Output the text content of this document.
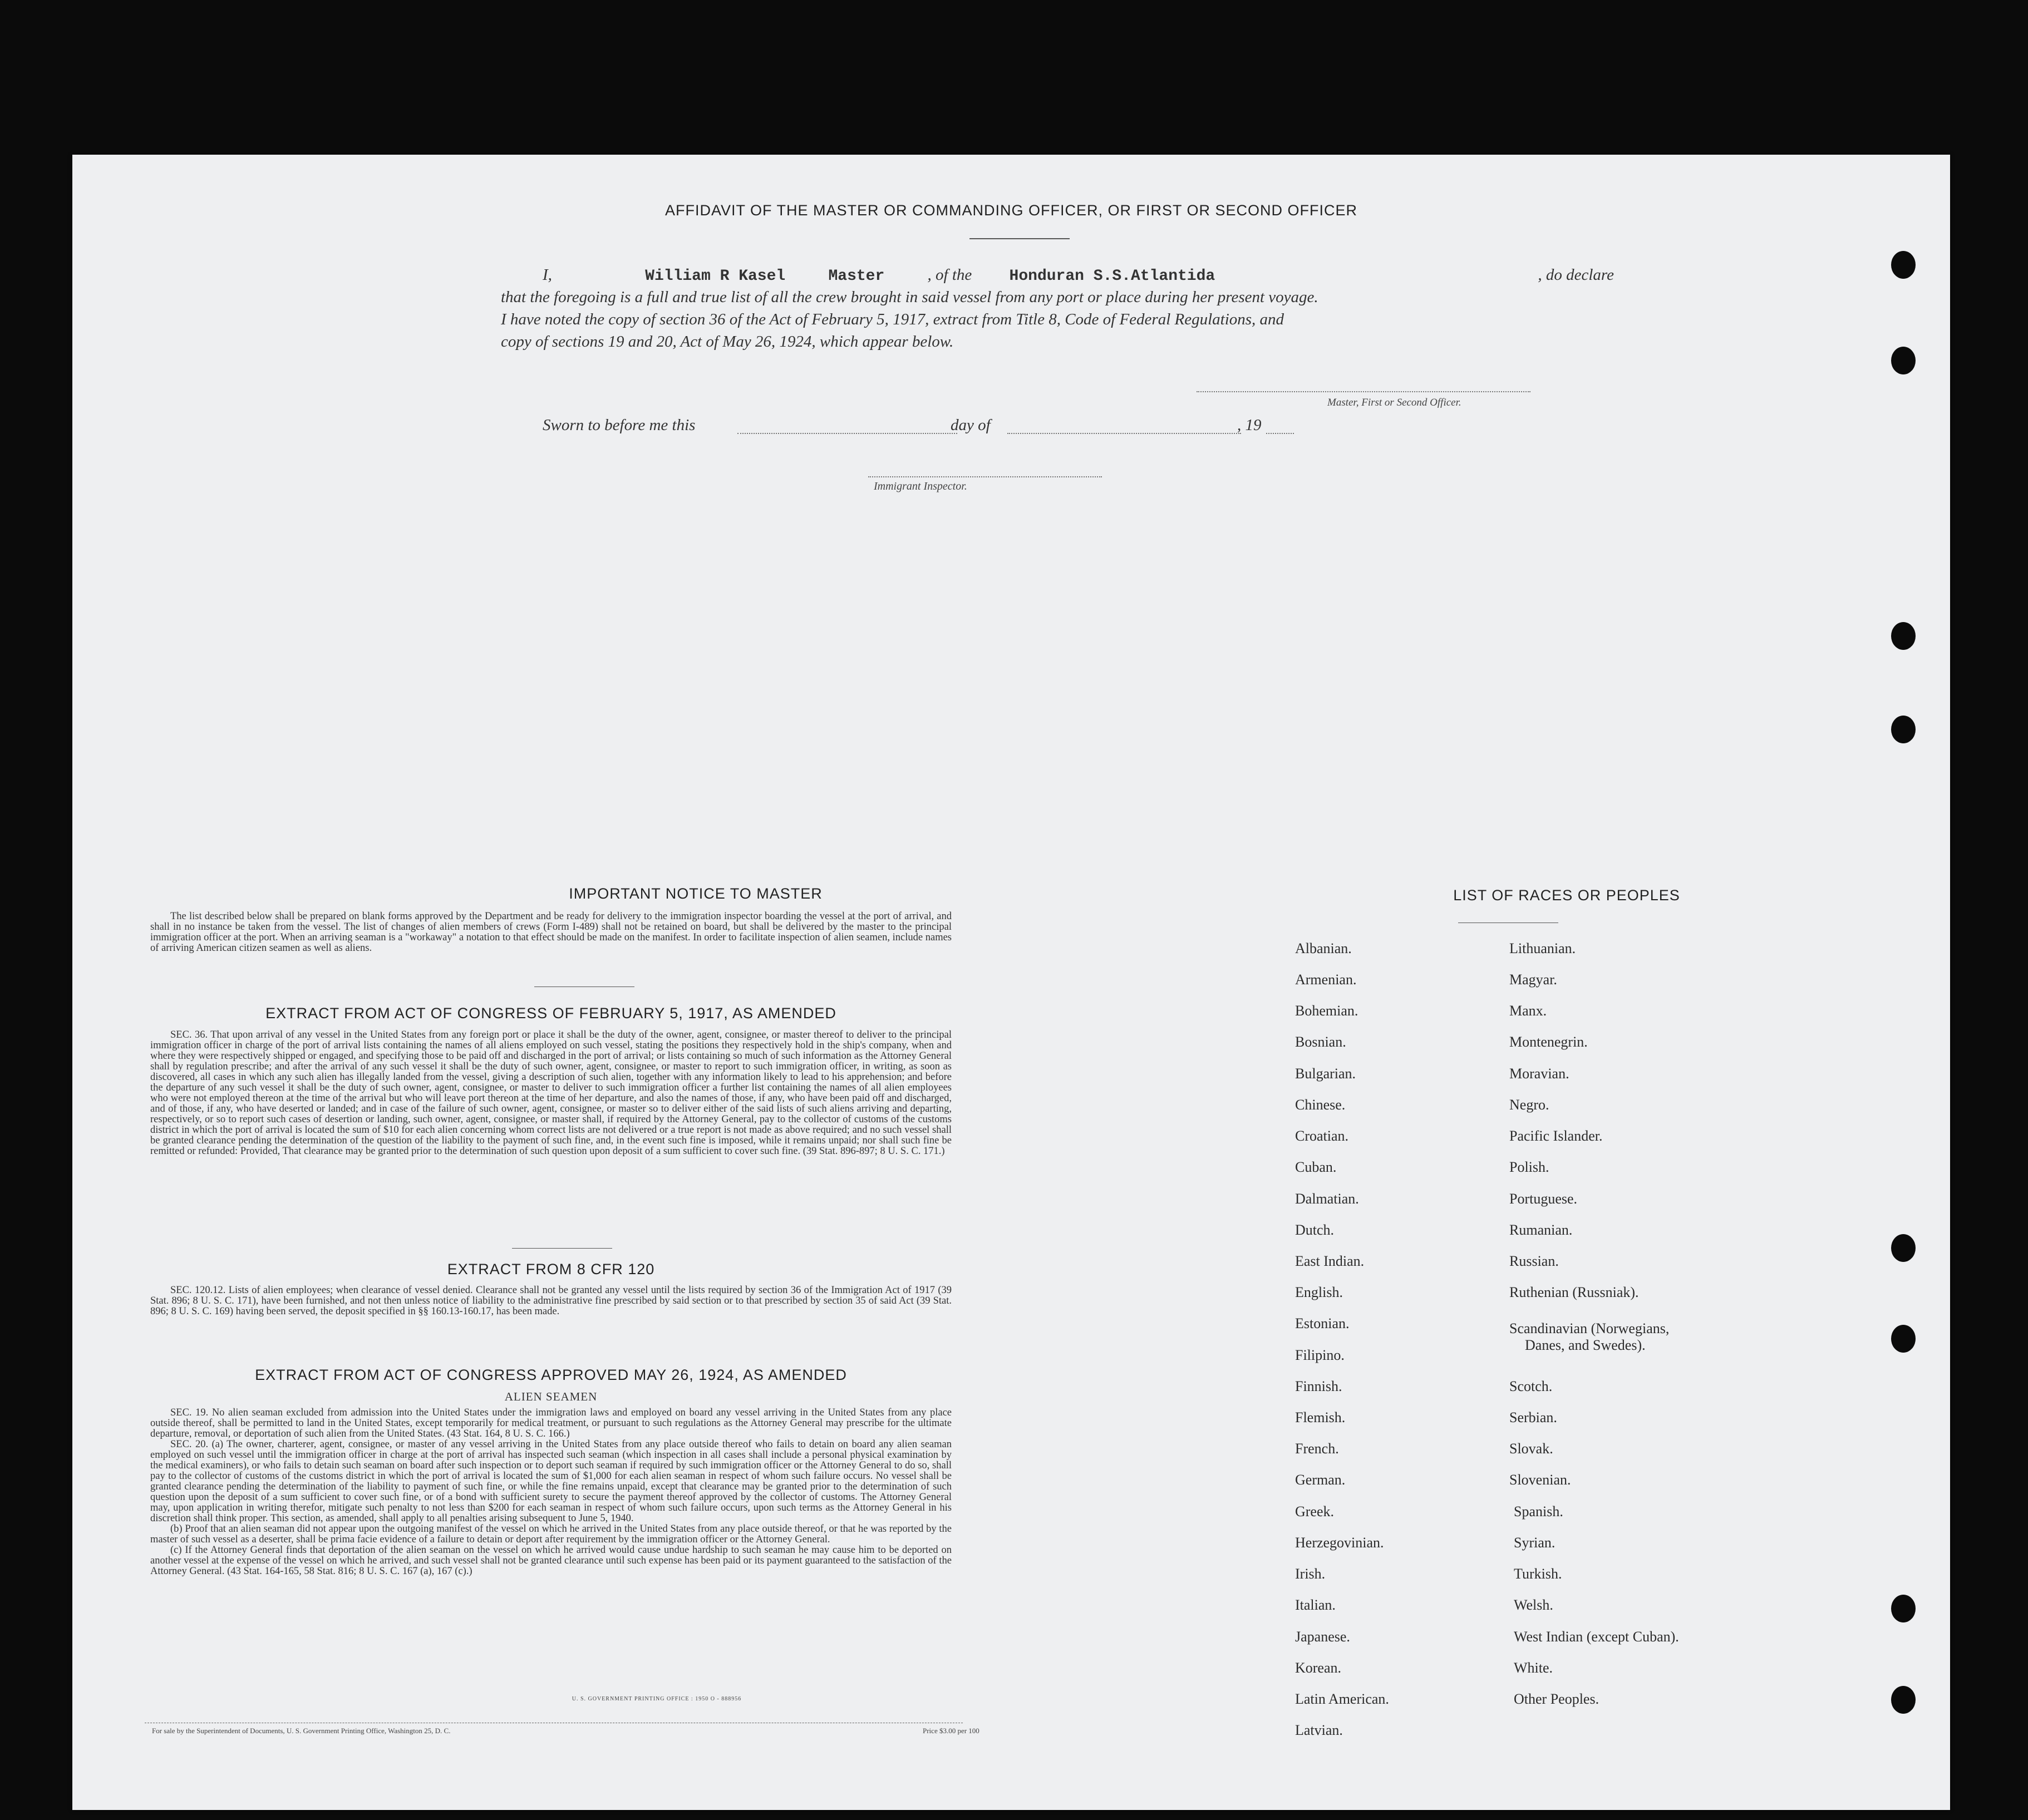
AFFIDAVIT OF THE MASTER OR COMMANDING OFFICER, OR FIRST OR SECOND OFFICER
I,	William R Kasel	Master	, of the Honduran S.S.Atlantida	, do declare
that the foregoing is a full and true list of all the crew brought in said vessel from any port or place during her present voyage.
I have noted the copy of section 36 of the Act of February 5, 1917, extract from Title 8, Code of Federal Regulations, and
copy of sections 19 and 20, Act of May 26, 1924, which appear below.
Master, First or Second Officer.
Sworn to before me this	day of	, 19
Immigrant Inspector.
IMPORTANT NOTICE TO MASTER

The list described below shall be prepared on blank forms approved by the Department and be ready for delivery to the immigration inspector boarding the vessel at the port of arrival, and shall in no instance be taken from the vessel. The list of changes of alien members of crews (Form I-489) shall not be retained on board, but shall be delivered by the master to the principal immigration officer at the port. When an arriving seaman is a "workaway" a notation to that effect should be made on the manifest. In order to facilitate inspection of alien seamen, include names of arriving American citizen seamen as well as aliens.

EXTRACT FROM ACT OF CONGRESS OF FEBRUARY 5, 1917, AS AMENDED

SEC. 36. That upon arrival of any vessel in the United States from any foreign port or place it shall be the duty of the owner, agent, consignee, or master thereof to deliver to the principal immigration officer in charge of the port of arrival lists containing the names of all aliens employed on such vessel, stating the positions they respectively hold in the ship's company, when and where they were respectively shipped or engaged, and specifying those to be paid off and discharged in the port of arrival; or lists containing so much of such information as the Attorney General shall by regulation prescribe; and after the arrival of any such vessel it shall be the duty of such owner, agent, consignee, or master to report to such immigration officer, in writing, as soon as discovered, all cases in which any such alien has illegally landed from the vessel, giving a description of such alien, together with any information likely to lead to his apprehension; and before the departure of any such vessel it shall be the duty of such owner, agent, consignee, or master to deliver to such immigration officer a further list containing the names of all alien employees who were not employed thereon at the time of the arrival but who will leave port thereon at the time of her departure, and also the names of those, if any, who have been paid off and discharged, and of those, if any, who have deserted or landed; and in case of the failure of such owner, agent, consignee, or master so to deliver either of the said lists of such aliens arriving and departing, respectively, or so to report such cases of desertion or landing, such owner, agent, consignee, or master shall, if required by the Attorney General, pay to the collector of customs of the customs district in which the port of arrival is located the sum of $10 for each alien concerning whom correct lists are not delivered or a true report is not made as above required; and no such vessel shall be granted clearance pending the determination of the question of the liability to the payment of such fine, and, in the event such fine is imposed, while it remains unpaid; nor shall such fine be remitted or refunded: Provided, That clearance may be granted prior to the determination of such question upon deposit of a sum sufficient to cover such fine. (39 Stat. 896-897; 8 U. S. C. 171.)

EXTRACT FROM 8 CFR 120

SEC. 120.12. Lists of alien employees; when clearance of vessel denied. Clearance shall not be granted any vessel until the lists required by section 36 of the Immigration Act of 1917 (39 Stat. 896; 8 U. S. C. 171), have been furnished, and not then unless notice of liability to the administrative fine prescribed by said section or to that prescribed by section 35 of said Act (39 Stat. 896; 8 U. S. C. 169) having been served, the deposit specified in §§ 160.13-160.17, has been made.

EXTRACT FROM ACT OF CONGRESS APPROVED MAY 26, 1924, AS AMENDED
ALIEN SEAMEN

SEC. 19. No alien seaman excluded from admission into the United States under the immigration laws and employed on board any vessel arriving in the United States from any place outside thereof, shall be permitted to land in the United States, except temporarily for medical treatment, or pursuant to such regulations as the Attorney General may prescribe for the ultimate departure, removal, or deportation of such alien from the United States. (43 Stat. 164, 8 U. S. C. 166.)

SEC. 20. (a) The owner, charterer, agent, consignee, or master of any vessel arriving in the United States from any place outside thereof who fails to detain on board any alien seaman employed on such vessel until the immigration officer in charge at the port of arrival has inspected such seaman (which inspection in all cases shall include a personal physical examination by the medical examiners), or who fails to detain such seaman on board after such inspection or to deport such seaman if required by such immigration officer or the Attorney General to do so, shall pay to the collector of customs of the customs district in which the port of arrival is located the sum of $1,000 for each alien seaman in respect of whom such failure occurs. No vessel shall be granted clearance pending the determination of the liability to payment of such fine, or while the fine remains unpaid, except that clearance may be granted prior to the determination of such question upon the deposit of a sum sufficient to cover such fine, or of a bond with sufficient surety to secure the payment thereof approved by the collector of customs. The Attorney General may, upon application in writing therefor, mitigate such penalty to not less than $200 for each seaman in respect of whom such failure occurs, upon such terms as the Attorney General in his discretion shall think proper. This section, as amended, shall apply to all penalties arising subsequent to June 5, 1940.

(b) Proof that an alien seaman did not appear upon the outgoing manifest of the vessel on which he arrived in the United States from any place outside thereof, or that he was reported by the master of such vessel as a deserter, shall be prima facie evidence of a failure to detain or deport after requirement by the immigration officer or the Attorney General.

(c) If the Attorney General finds that deportation of the alien seaman on the vessel on which he arrived would cause undue hardship to such seaman he may cause him to be deported on another vessel at the expense of the vessel on which he arrived, and such vessel shall not be granted clearance until such expense has been paid or its payment guaranteed to the satisfaction of the Attorney General. (43 Stat. 164-165, 58 Stat. 816; 8 U. S. C. 167 (a), 167 (c).)

U. S. GOVERNMENT PRINTING OFFICE : 1950 O - 888956
For sale by the Superintendent of Documents, U. S. Government Printing Office, Washington 25, D. C.	Price $3.00 per 100
LIST OF RACES OR PEOPLES
Albanian.
Armenian.
Bohemian.
Bosnian.
Bulgarian.
Chinese.
Croatian.
Cuban.
Dalmatian.
Dutch.
East Indian.
English.
Estonian.
Filipino.
Finnish.
Flemish.
French.
German.
Greek.
Herzegovinian.
Irish.
Italian.
Japanese.
Korean.
Latin American.
Latvian.
Lithuanian.
Magyar.
Manx.
Montenegrin.
Moravian.
Negro.
Pacific Islander.
Polish.
Portuguese.
Rumanian.
Russian.
Ruthenian (Russniak).
Scandinavian (Norwegians,
Danes, and Swedes).
Scotch.
Serbian.
Slovak.
Slovenian.
Spanish.
Syrian.
Turkish.
Welsh.
West Indian (except Cuban).
White.
Other Peoples.
